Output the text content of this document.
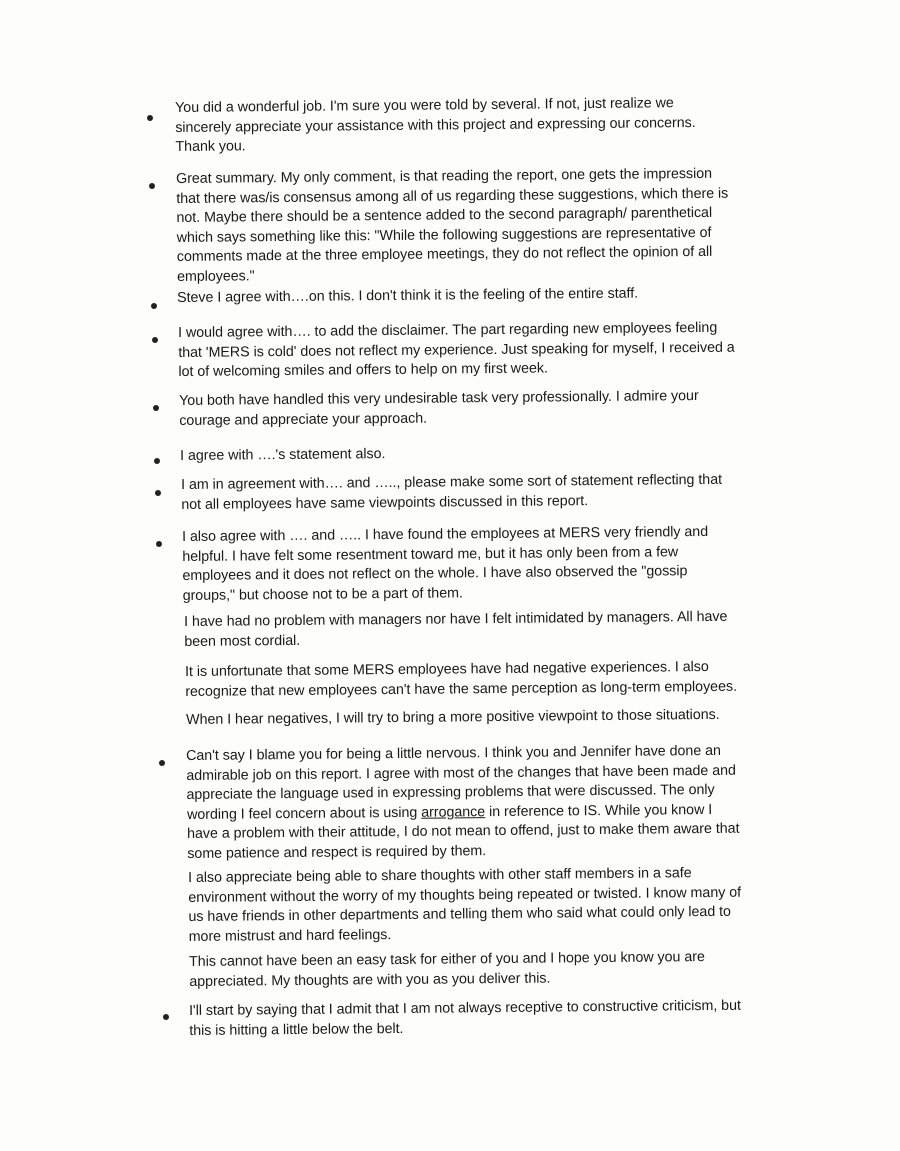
You did a wonderful job. I'm sure you were told by several. If not, just realize we
sincerely appreciate your assistance with this project and expressing our concerns.
Thank you.
Great summary. My only comment, is that reading the report, one gets the impression
that there was/is consensus among all of us regarding these suggestions, which there is
not. Maybe there should be a sentence added to the second paragraph/ parenthetical
which says something like this: "While the following suggestions are representative of
comments made at the three employee meetings, they do not reflect the opinion of all
employees."
Steve I agree with….on this. I don't think it is the feeling of the entire staff.
I would agree with…. to add the disclaimer. The part regarding new employees feeling
that 'MERS is cold' does not reflect my experience. Just speaking for myself, I received a
lot of welcoming smiles and offers to help on my first week.
You both have handled this very undesirable task very professionally. I admire your
courage and appreciate your approach.
I agree with ….'s statement also.
I am in agreement with…. and ….., please make some sort of statement reflecting that
not all employees have same viewpoints discussed in this report.
I also agree with …. and ….. I have found the employees at MERS very friendly and
helpful. I have felt some resentment toward me, but it has only been from a few
employees and it does not reflect on the whole. I have also observed the "gossip
groups," but choose not to be a part of them.
I have had no problem with managers nor have I felt intimidated by managers. All have
been most cordial.
It is unfortunate that some MERS employees have had negative experiences. I also
recognize that new employees can't have the same perception as long-term employees.
When I hear negatives, I will try to bring a more positive viewpoint to those situations.
Can't say I blame you for being a little nervous. I think you and Jennifer have done an
admirable job on this report. I agree with most of the changes that have been made and
appreciate the language used in expressing problems that were discussed. The only
wording I feel concern about is using arrogance in reference to IS. While you know I
have a problem with their attitude, I do not mean to offend, just to make them aware that
some patience and respect is required by them.
I also appreciate being able to share thoughts with other staff members in a safe
environment without the worry of my thoughts being repeated or twisted. I know many of
us have friends in other departments and telling them who said what could only lead to
more mistrust and hard feelings.
This cannot have been an easy task for either of you and I hope you know you are
appreciated. My thoughts are with you as you deliver this.
I'll start by saying that I admit that I am not always receptive to constructive criticism, but
this is hitting a little below the belt.
